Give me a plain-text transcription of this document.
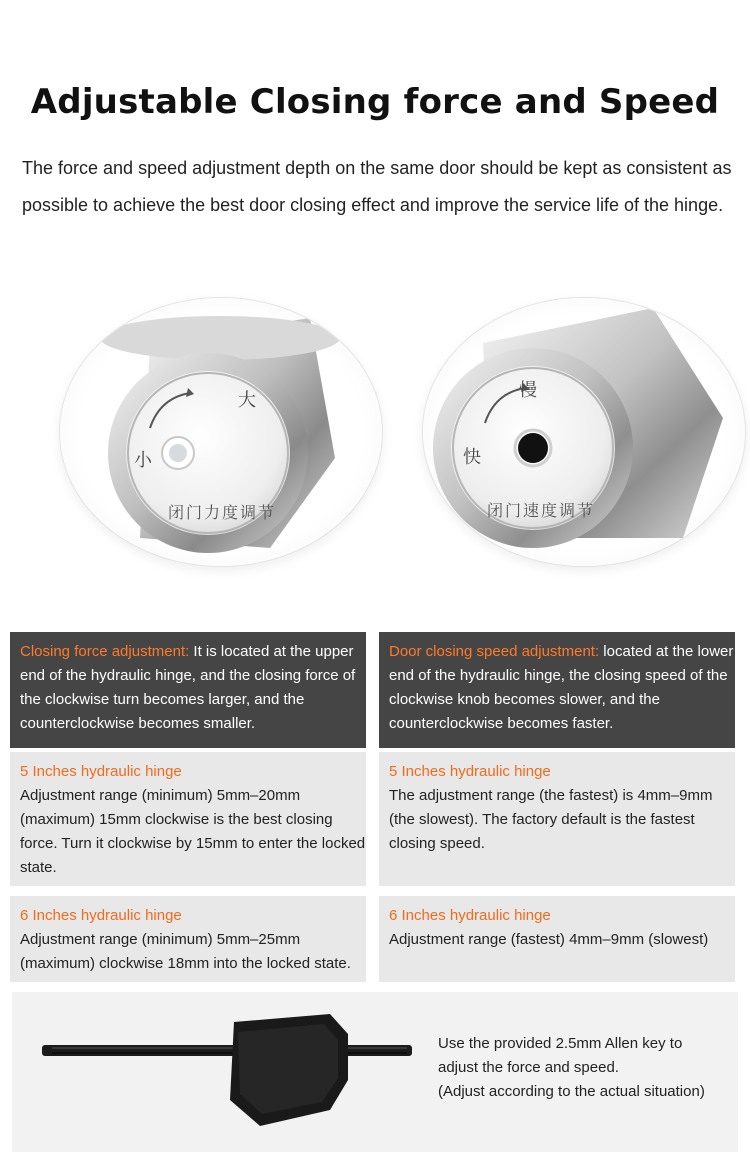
Adjustable Closing force and Speed
The force and speed adjustment depth on the same door should be kept as consistent as possible to achieve the best door closing effect and improve the service life of the hinge.
大
小
闭门力度调节
慢
快
闭门速度调节
Closing force adjustment: It is located at the upper end of the hydraulic hinge, and the closing force of the clockwise turn becomes larger, and the counterclockwise becomes smaller.
Door closing speed adjustment: located at the lower end of the hydraulic hinge, the closing speed of the clockwise knob becomes slower, and the counterclockwise becomes faster.
5 Inches hydraulic hinge
Adjustment range (minimum) 5mm–20mm (maximum) 15mm clockwise is the best closing force. Turn it clockwise by 15mm to enter the locked state.
5 Inches hydraulic hinge
The adjustment range (the fastest) is 4mm–9mm (the slowest). The factory default is the fastest closing speed.
6 Inches hydraulic hinge
Adjustment range (minimum) 5mm–25mm (maximum) clockwise 18mm into the locked state.
6 Inches hydraulic hinge
Adjustment range (fastest) 4mm–9mm (slowest)
Use the provided 2.5mm Allen key to
adjust the force and speed.
(Adjust according to the actual situation)
